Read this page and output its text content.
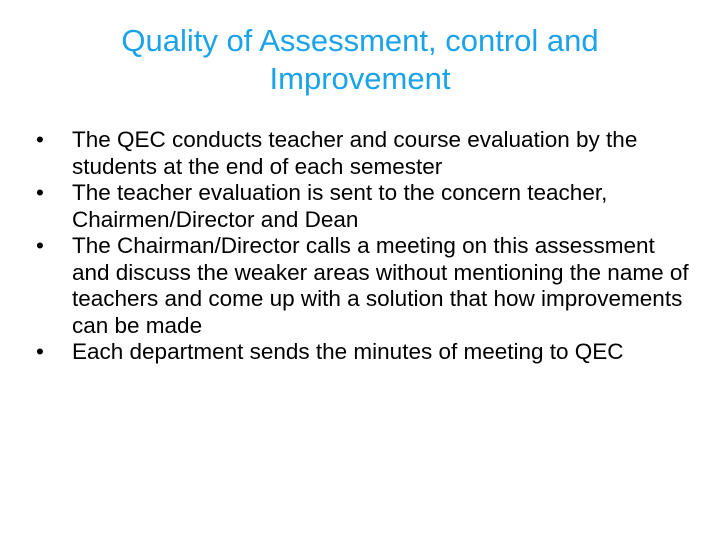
Quality of Assessment, control and
Improvement
• The QEC conducts teacher and course evaluation by the students at the end of each semester
• The teacher evaluation is sent to the concern teacher, Chairmen/Director and Dean
• The Chairman/Director calls a meeting on this assessment and discuss the weaker areas without mentioning the name of teachers and come up with a solution that how improvements can be made
• Each department sends the minutes of meeting to QEC
